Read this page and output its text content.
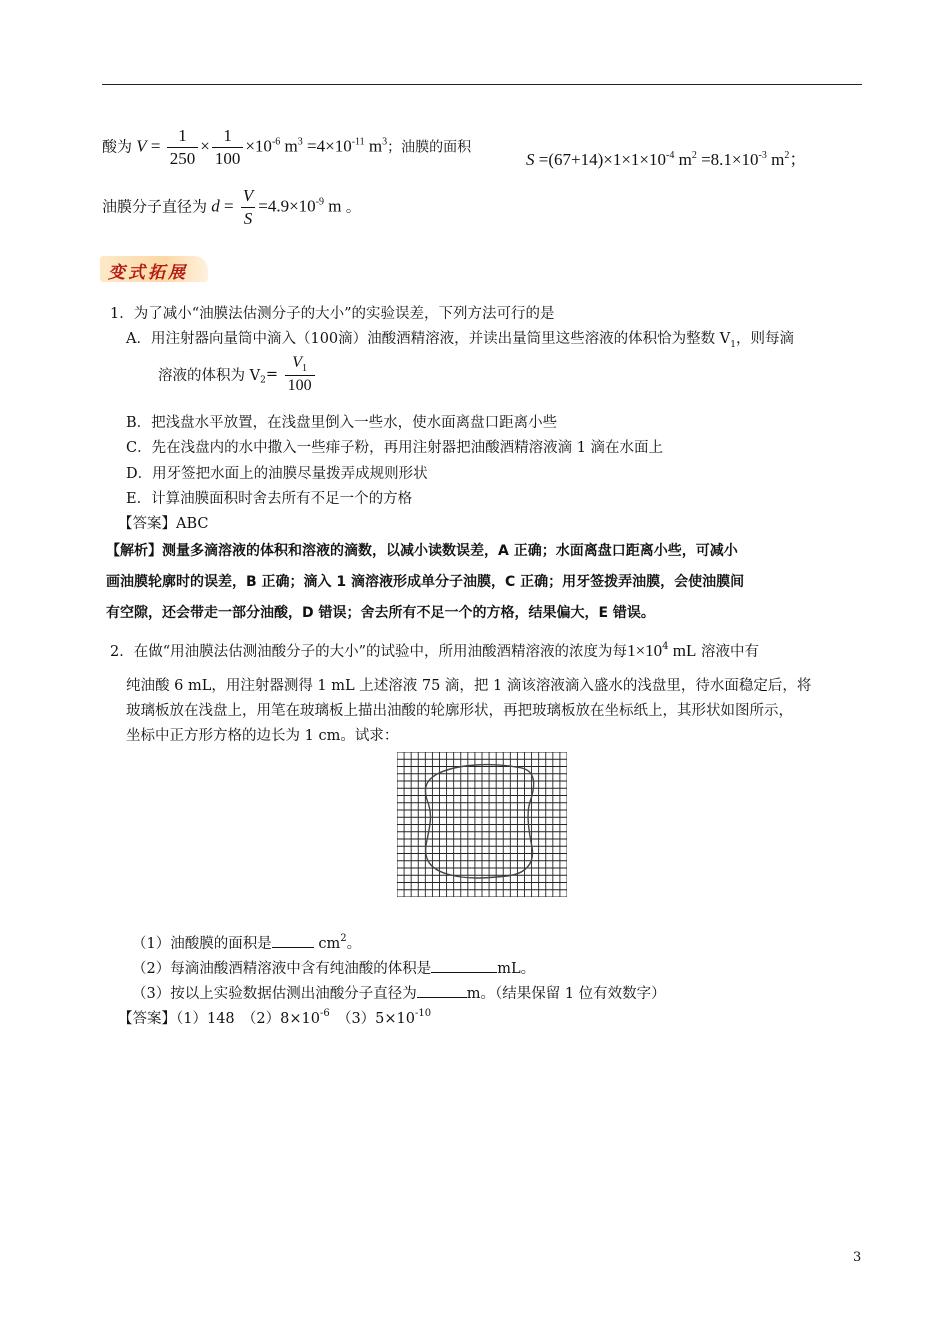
酸为 $V = \frac{1}{250} \times \frac{1}{100} \times 10^{-6}$ $m^3 =4\times 10^{-11}$ $m^3$；油膜的面积
$S =(67+14)\times 1\times 1\times 10^{-4}$ $m^2 =8.1\times 10^{-3}$ $m^2$；
油膜分子直径为 $d = \frac{V}{S} =4.9\times 10^{-9}$ m 。
变式拓展
1．为了减小“油膜法估测分子的大小”的实验误差，下列方法可行的是
A．用注射器向量筒中滴入（100滴）油酸酒精溶液，并读出量筒里这些溶液的体积恰为整数 $V_1$，则每滴
溶液的体积为 $V_2= \frac{V_1}{100}$
B．把浅盘水平放置，在浅盘里倒入一些水，使水面离盘口距离小些
C．先在浅盘内的水中撒入一些痱子粉，再用注射器把油酸酒精溶液滴 1 滴在水面上
D．用牙签把水面上的油膜尽量拨弄成规则形状
E．计算油膜面积时舍去所有不足一个的方格
【答案】ABC
【解析】测量多滴溶液的体积和溶液的滴数，以减小读数误差，A 正确；水面离盘口距离小些，可减小
画油膜轮廓时的误差，B 正确；滴入 1 滴溶液形成单分子油膜，C 正确；用牙签拨弄油膜，会使油膜间
有空隙，还会带走一部分油酸，D 错误；舍去所有不足一个的方格，结果偏大，E 错误。
2．在做“用油膜法估测油酸分子的大小”的试验中，所用油酸酒精溶液的浓度为每$1\times 10^4$ mL 溶液中有
纯油酸 6 mL，用注射器测得 1 mL 上述溶液 75 滴，把 1 滴该溶液滴入盛水的浅盘里，待水面稳定后，将
玻璃板放在浅盘上，用笔在玻璃板上描出油酸的轮廓形状，再把玻璃板放在坐标纸上，其形状如图所示，
坐标中正方形方格的边长为 1 cm。试求：
（1）油酸膜的面积是	$cm^2$。
（2）每滴油酸酒精溶液中含有纯油酸的体积是	mL。
（3）按以上实验数据估测出油酸分子直径为	m。（结果保留 1 位有效数字）
【答案】（1）148　$(2)8\times 10^{-6}$　$(3)5\times 10^{-10}$
3
